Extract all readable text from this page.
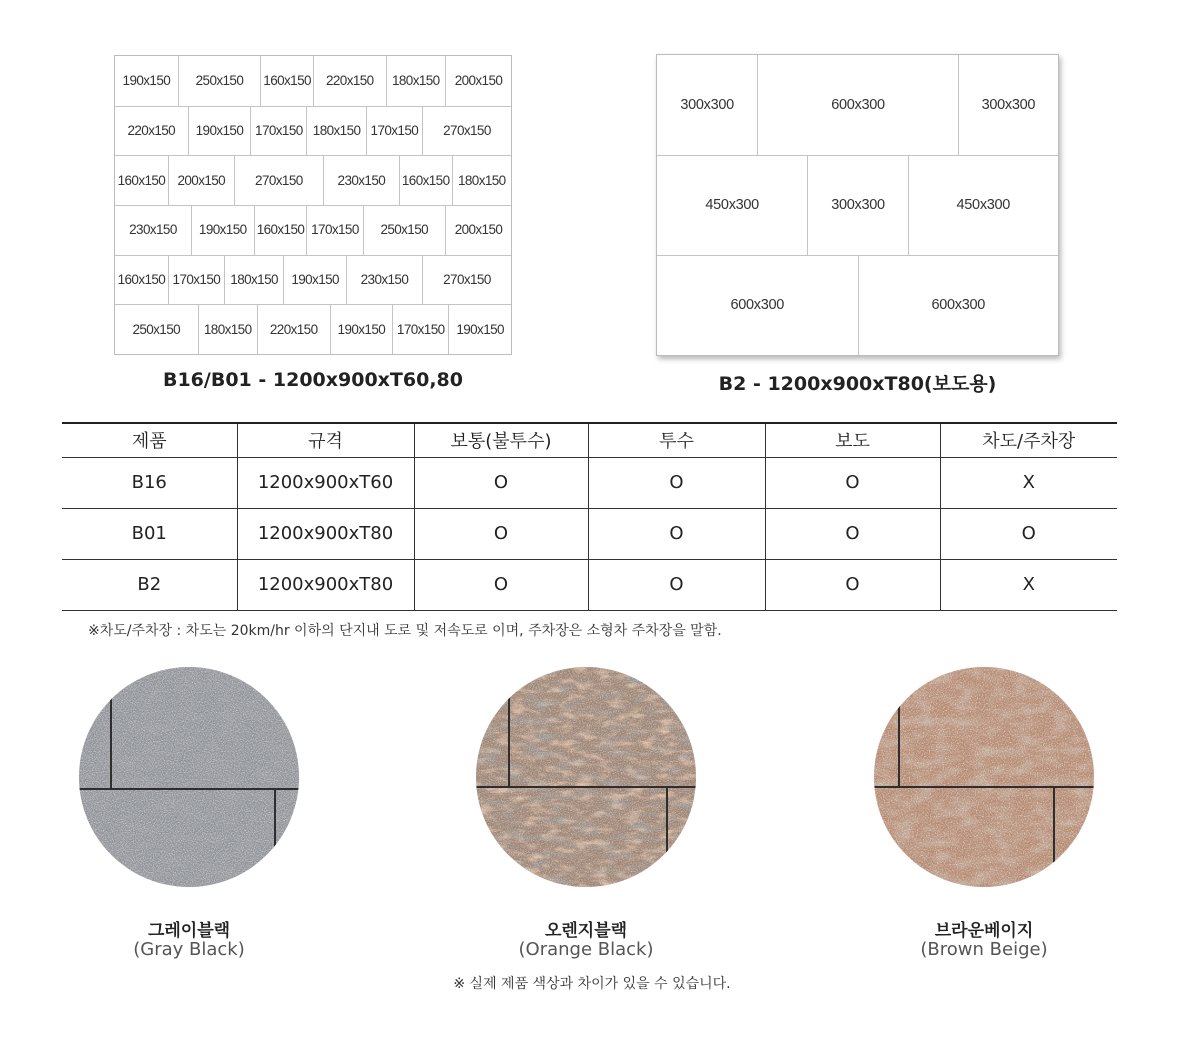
190x150	250x150	160x150	220x150	180x150	200x150
220x150	190x150 170x150 180x150 170x150	270x150
160x150 200x150	270x150	230x150	160x150 180x150
230x150	190x150 160x150 170x150	250x150	200x150
160x150 170x150 180x150 190x150	230x150	270x150
250x150	180x150	220x150	190x150 170x150 190x150
B16/B01 - 1200x900xT60,80
300x300	600x300	300x300
450x300	300x300	450x300
600x300	600x300
B2 - 1200x900xT80(보도용)
제품	규격	보통(불투수)	투수	보도	차도/주차장
B16	1200x900xT60	O	O	O	X
B01	1200x900xT80	O	O	O	O
B2	1200x900xT80	O	O	O	X
※차도/주차장 : 차도는 20km/hr 이하의 단지내 도로 및 저속도로 이며, 주차장은 소형차 주차장을 말함.
그레이블랙
(Gray Black)
오렌지블랙
(Orange Black)
브라운베이지
(Brown Beige)
※ 실제 제품 색상과 차이가 있을 수 있습니다.
